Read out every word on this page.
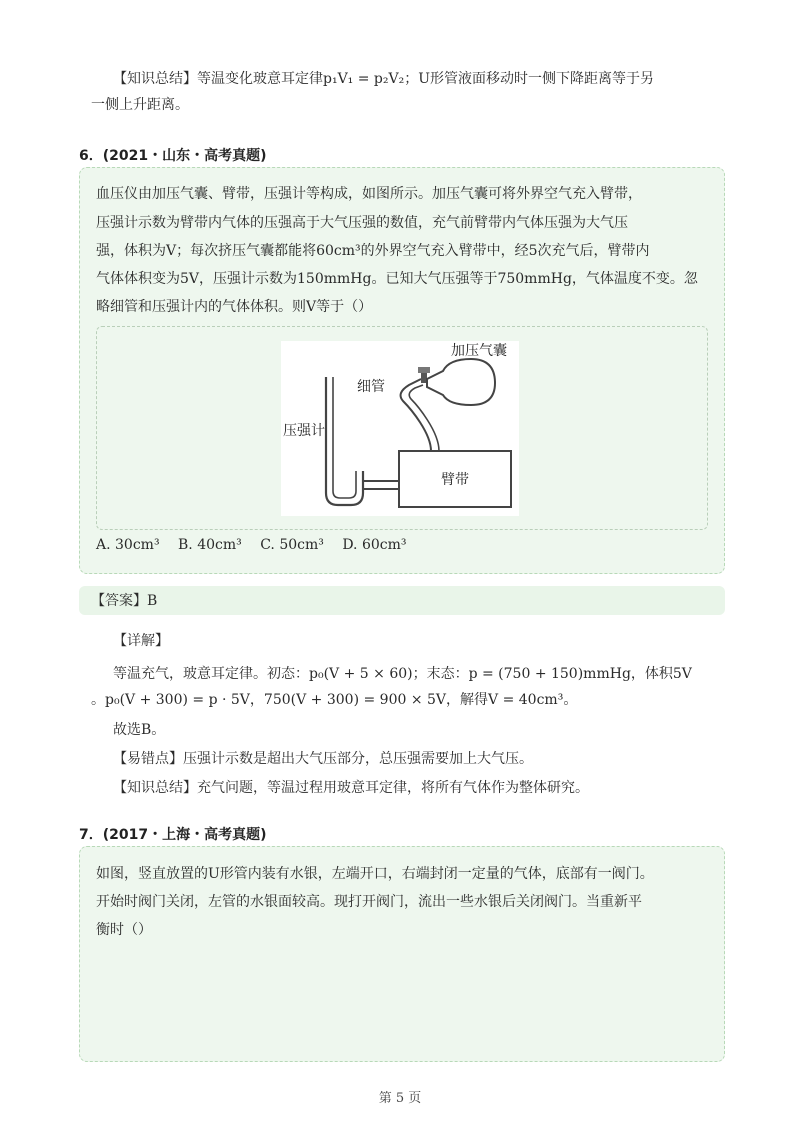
【知识总结】等温变化玻意耳定律p₁V₁ = p₂V₂；U形管液面移动时一侧下降距离等于另
一侧上升距离。
6．(2021・山东・高考真题)
血压仪由加压气囊、臂带，压强计等构成，如图所示。加压气囊可将外界空气充入臂带，
压强计示数为臂带内气体的压强高于大气压强的数值，充气前臂带内气体压强为大气压
强，体积为V；每次挤压气囊都能将60cm³的外界空气充入臂带中，经5次充气后，臂带内
气体体积变为5V，压强计示数为150mmHg。已知大气压强等于750mmHg，气体温度不变。忽
略细管和压强计内的气体体积。则V等于（）
加压气囊
细管
压强计
臂带
A. 30cm³ B. 40cm³ C. 50cm³ D. 60cm³
【答案】B
【详解】
等温充气，玻意耳定律。初态：p₀(V + 5 × 60)；末态：p = (750 + 150)mmHg，体积5V
。p₀(V + 300) = p · 5V，750(V + 300) = 900 × 5V，解得V = 40cm³。
故选B。
【易错点】压强计示数是超出大气压部分，总压强需要加上大气压。
【知识总结】充气问题，等温过程用玻意耳定律，将所有气体作为整体研究。
7．(2017・上海・高考真题)
如图，竖直放置的U形管内装有水银，左端开口，右端封闭一定量的气体，底部有一阀门。
开始时阀门关闭，左管的水银面较高。现打开阀门，流出一些水银后关闭阀门。当重新平
衡时（）
第 5 页
